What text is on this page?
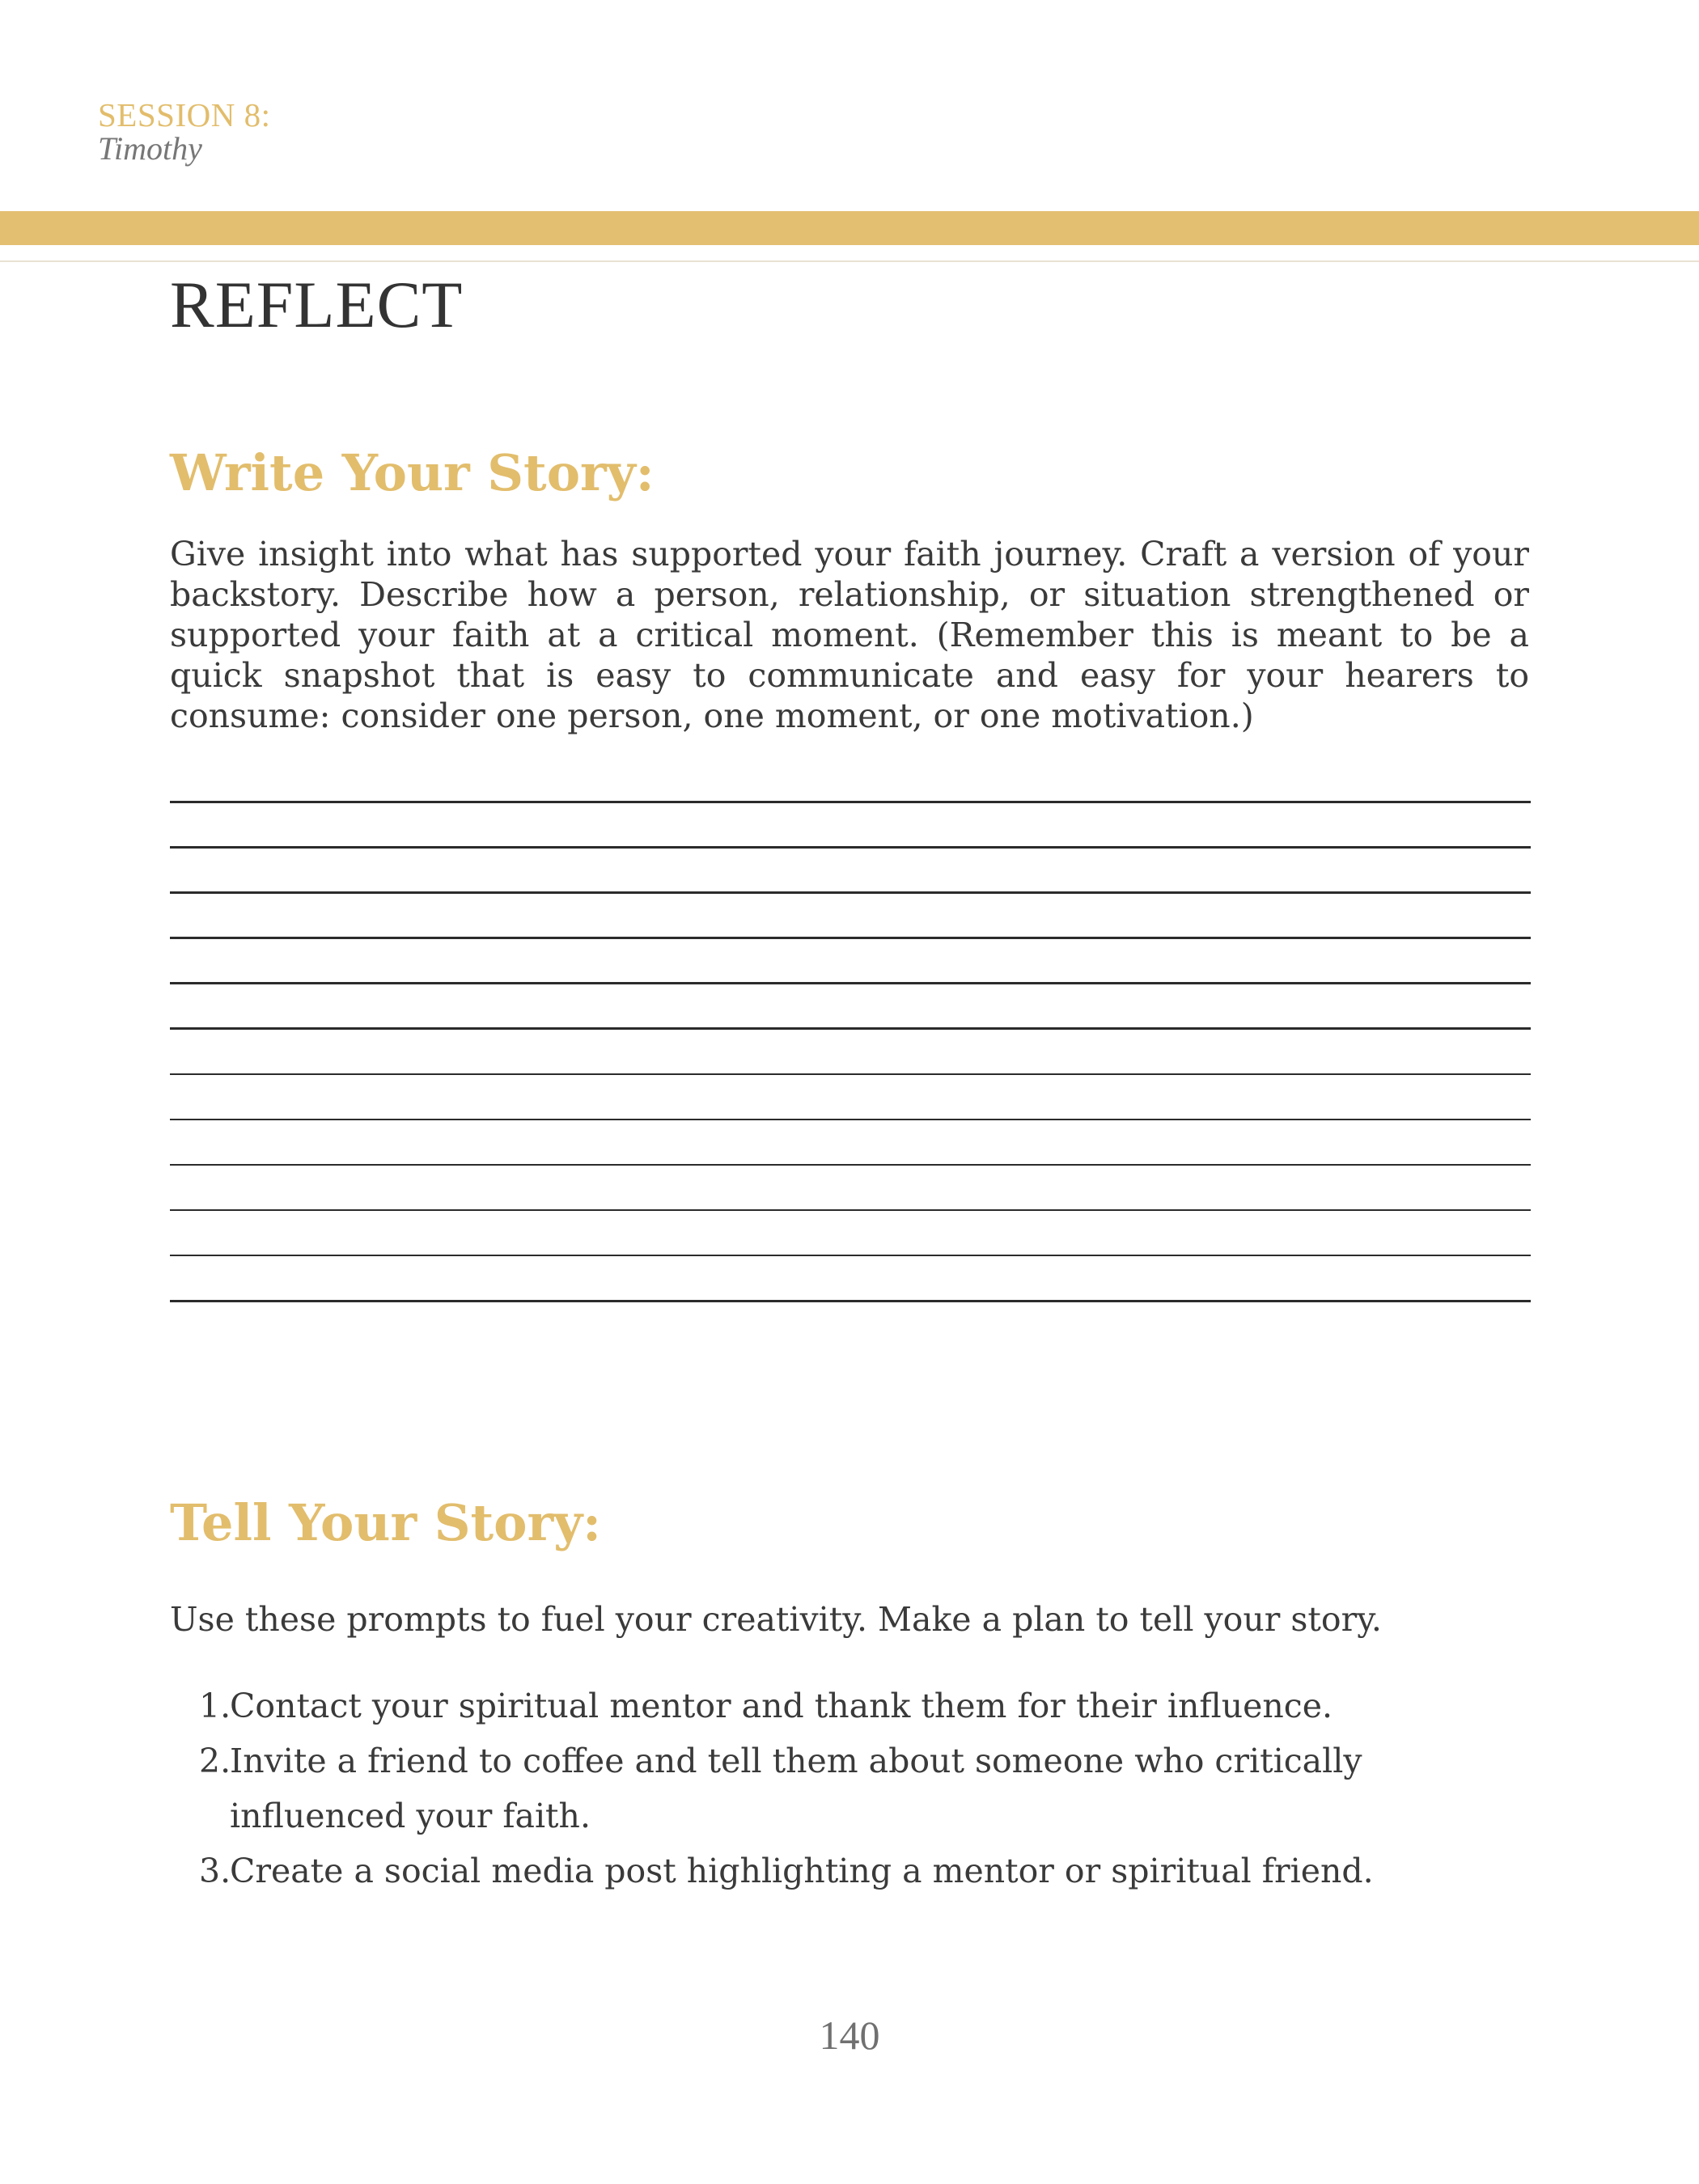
SESSION 8:
Timothy
REFLECT
Write Your Story:
Give insight into what has supported your faith journey. Craft a version of your backstory. Describe how a person, relationship, or situation strengthened or supported your faith at a critical moment. (Remember this is meant to be a quick snapshot that is easy to communicate and easy for your hearers to consume: consider one person, one moment, or one motivation.)
Tell Your Story:
Use these prompts to fuel your creativity. Make a plan to tell your story.
1.
Contact your spiritual mentor and thank them for their influence.
2.
Invite a friend to coffee and tell them about someone who critically influenced your faith.
3.
Create a social media post highlighting a mentor or spiritual friend.
140
